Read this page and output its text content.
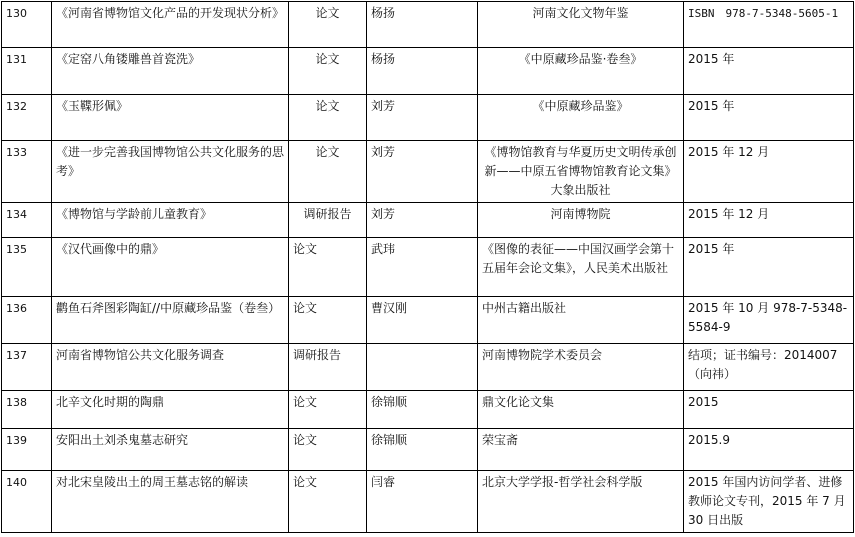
130	《河南省博物馆文化产品的开发现状分析》	论文	杨扬	河南文化文物年鉴	ISBN　978-7-5348-5605-1
131	《定窑八角镂雕兽首瓷洗》	论文	杨扬	《中原藏珍品鉴·卷叁》	2015 年
132	《玉鞢形佩》	论文	刘芳	《中原藏珍品鉴》	2015 年
133	《进一步完善我国博物馆公共文化服务的思考》	论文	刘芳	《博物馆教育与华夏历史文明传承创新——中原五省博物馆教育论文集》大象出版社	2015 年 12 月
134	《博物馆与学龄前儿童教育》	调研报告	刘芳	河南博物院	2015 年 12 月
135	《汉代画像中的鼎》	论文	武玮	《图像的表征——中国汉画学会第十五届年会论文集》，人民美术出版社	2015 年
136	鹳鱼石斧图彩陶缸//中原藏珍品鉴（卷叁）	论文	曹汉刚	中州古籍出版社	2015 年 10 月 978-7-5348-5584-9
137	河南省博物馆公共文化服务调查	调研报告		河南博物院学术委员会	结项；证书编号：2014007（向祎）
138	北辛文化时期的陶鼎	论文	徐锦顺	鼎文化论文集	2015
139	安阳出土刘杀鬼墓志研究	论文	徐锦顺	荣宝斋	2015.9
140	对北宋皇陵出土的周王墓志铭的解读	论文	闫睿	北京大学学报-哲学社会科学版	2015 年国内访问学者、进修教师论文专刊，2015 年 7 月 30 日出版
